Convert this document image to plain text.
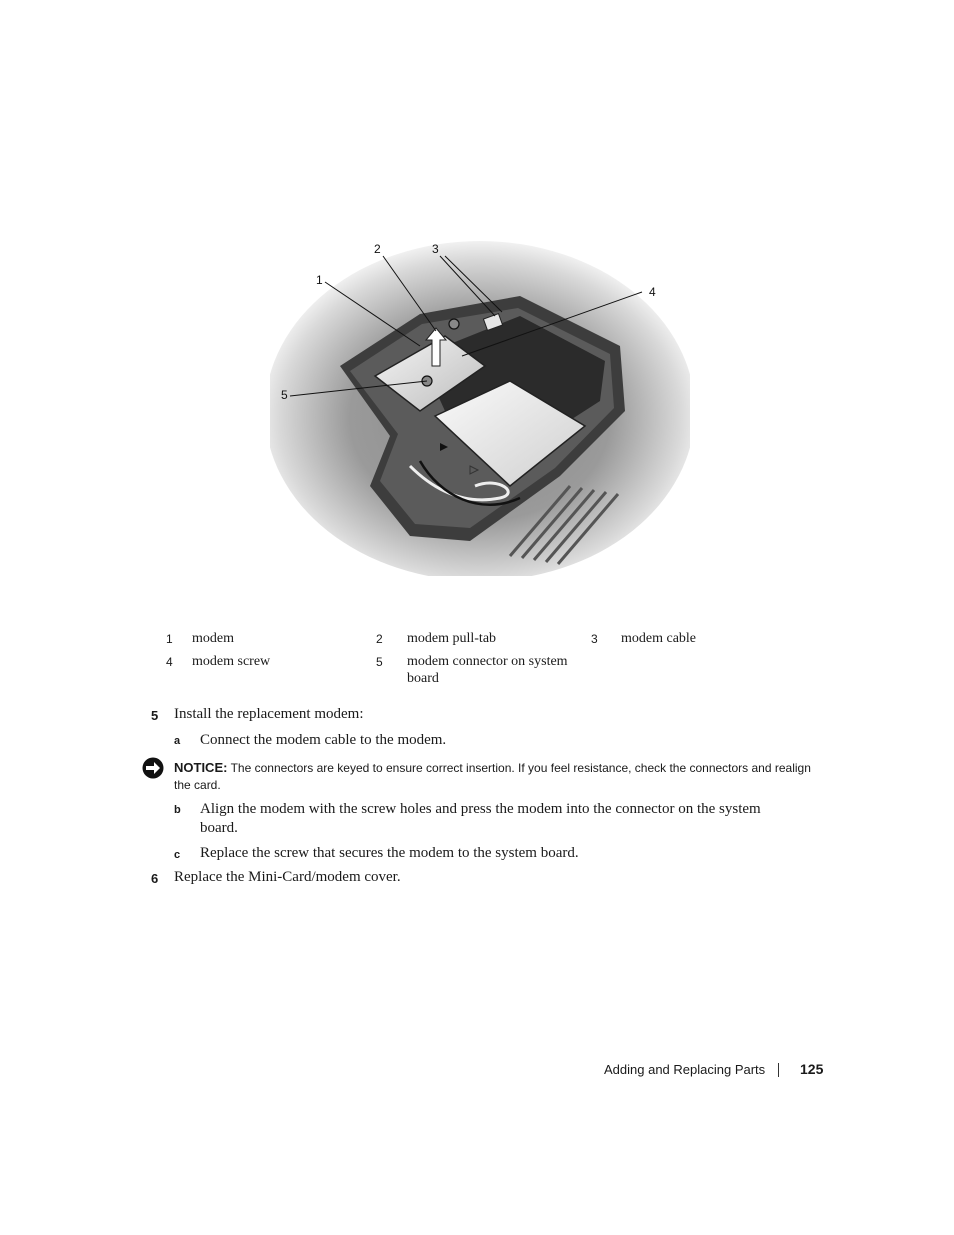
1
2	3
4
5
1 modem	2 modem pull-tab	3 modem cable
4 modem screw	5 modem connector on system board
5 Install the replacement modem:
a Connect the modem cable to the modem.
NOTICE: The connectors are keyed to ensure correct insertion. If you feel resistance, check the connectors and realign the card.
b Align the modem with the screw holes and press the modem into the connector on the system board.
c Replace the screw that secures the modem to the system board.
6 Replace the Mini-Card/modem cover.
Adding and Replacing Parts 125
